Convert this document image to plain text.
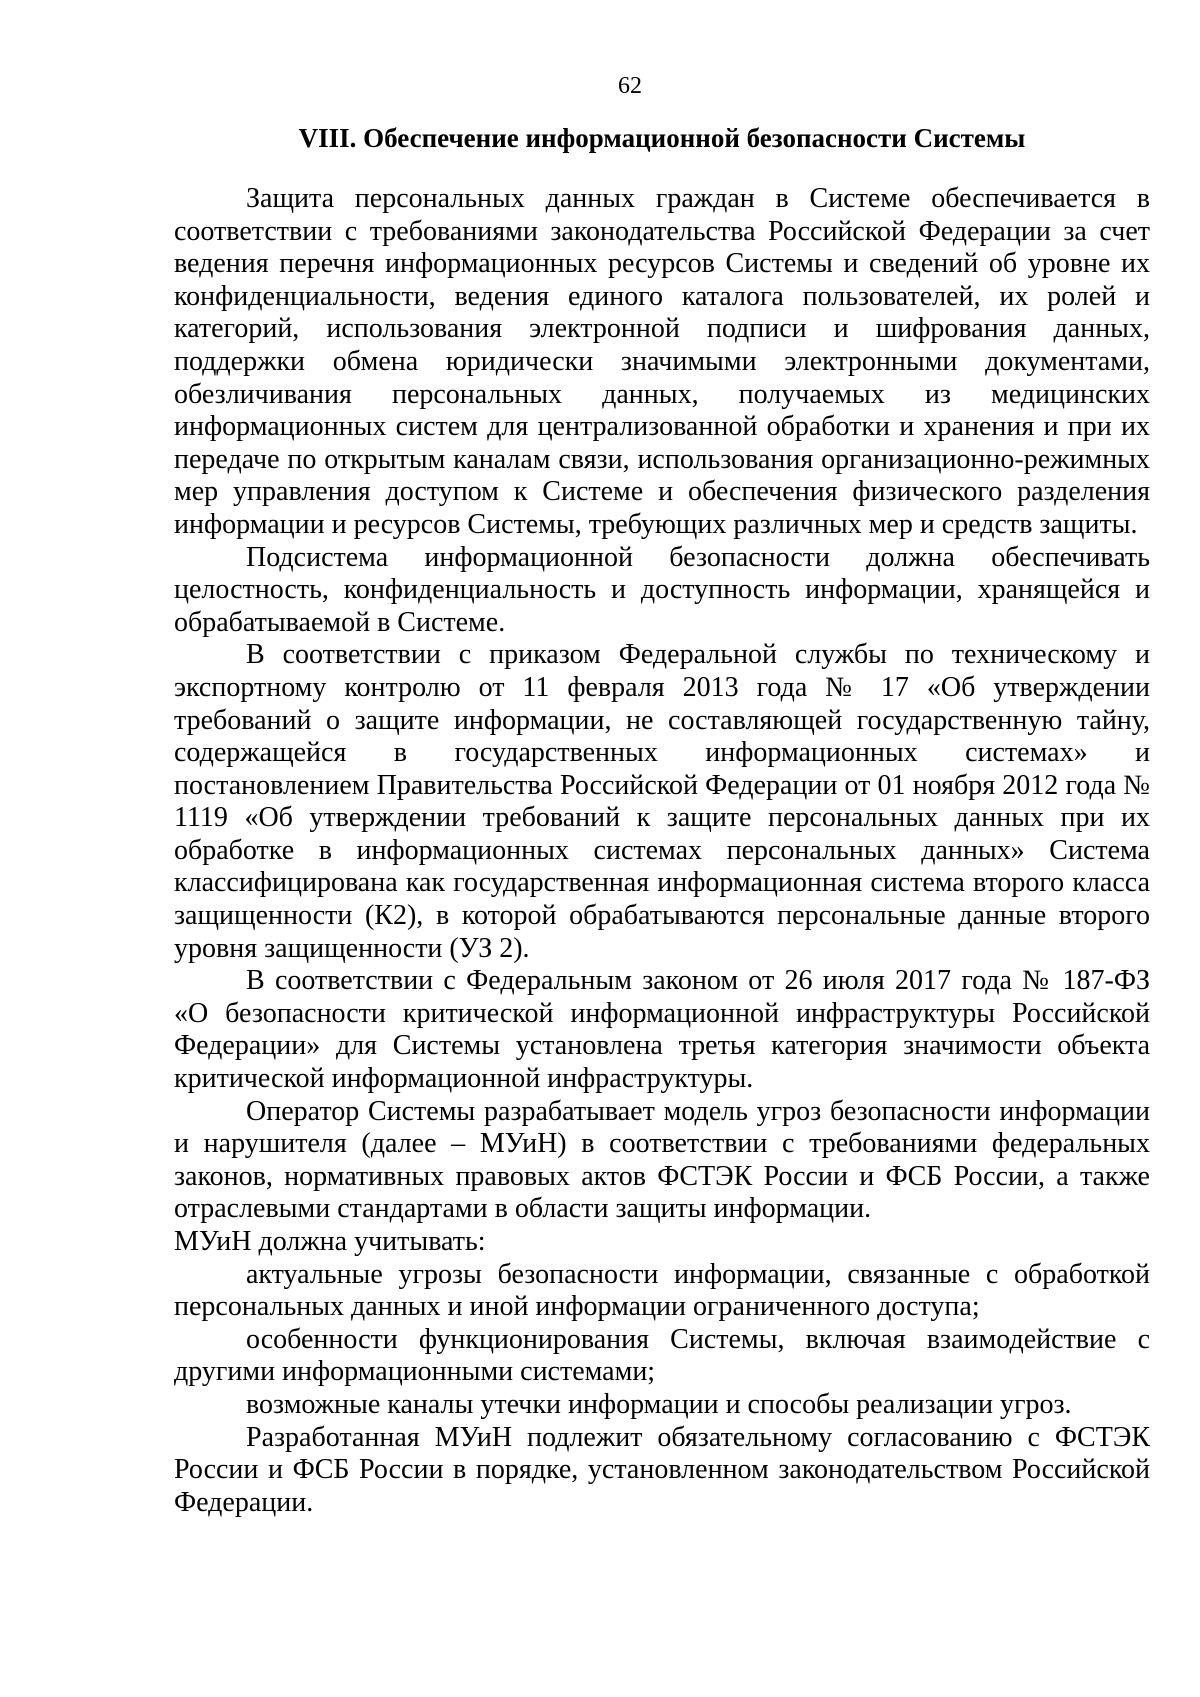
62
VIII. Обеспечение информационной безопасности Системы

Защита персональных данных граждан в Системе обеспечивается в соответствии с требованиями законодательства Российской Федерации за счет ведения перечня информационных ресурсов Системы и сведений об уровне их конфиденциальности, ведения единого каталога пользователей, их ролей и категорий, использования электронной подписи и шифрования данных, поддержки обмена юридически значимыми электронными документами, обезличивания персональных данных, получаемых из медицинских информационных систем для централизованной обработки и хранения и при их передаче по открытым каналам связи, использования организационно-режимных мер управления доступом к Системе и обеспечения физического разделения информации и ресурсов Системы, требующих различных мер и средств защиты.

Подсистема информационной безопасности должна обеспечивать целостность, конфиденциальность и доступность информации, хранящейся и обрабатываемой в Системе.

В соответствии с приказом Федеральной службы по техническому и экспортному контролю от 11 февраля 2013 года № 17 «Об утверждении требований о защите информации, не составляющей государственную тайну, содержащейся в государственных информационных системах» и постановлением Правительства Российской Федерации от 01 ноября 2012 года № 1119 «Об утверждении требований к защите персональных данных при их обработке в информационных системах персональных данных» Система классифицирована как государственная информационная система второго класса защищенности (К2), в которой обрабатываются персональные данные второго уровня защищенности (УЗ 2).

В соответствии с Федеральным законом от 26 июля 2017 года № 187-ФЗ «О безопасности критической информационной инфраструктуры Российской Федерации» для Системы установлена третья категория значимости объекта критической информационной инфраструктуры.

Оператор Системы разрабатывает модель угроз безопасности информации и нарушителя (далее – МУиН) в соответствии с требованиями федеральных законов, нормативных правовых актов ФСТЭК России и ФСБ России, а также отраслевыми стандартами в области защиты информации.

МУиН должна учитывать:

актуальные угрозы безопасности информации, связанные с обработкой персональных данных и иной информации ограниченного доступа;

особенности функционирования Системы, включая взаимодействие с другими информационными системами;

возможные каналы утечки информации и способы реализации угроз.

Разработанная МУиН подлежит обязательному согласованию с ФСТЭК России и ФСБ России в порядке, установленном законодательством Российской Федерации.
